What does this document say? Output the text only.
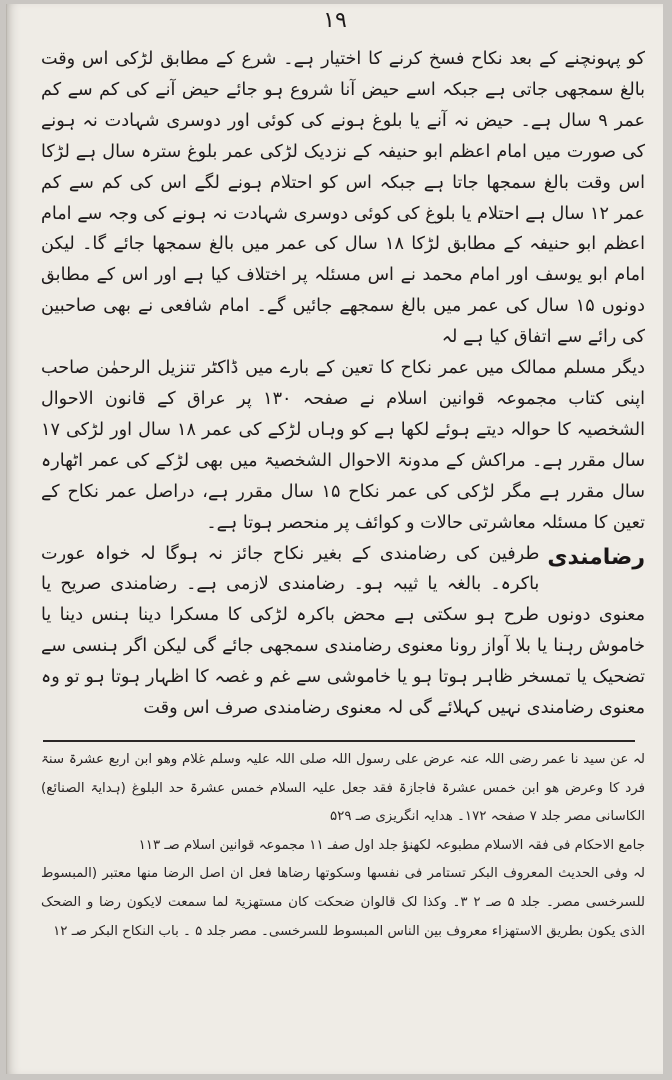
١٩

کو پہونچنے کے بعد نکاح فسخ کرنے کا اختیار ہے۔ شرع کے مطابق لڑکی اس وقت بالغ سمجھی جاتی ہے جبکہ اسے حیض آنا شروع ہو جائے حیض آنے کی کم سے کم عمر ۹ سال ہے۔ حیض نہ آنے یا بلوغ ہونے کی کوئی اور دوسری شہادت نہ ہونے کی صورت میں امام اعظم ابو حنیفہ کے نزدیک لڑکی عمر بلوغ سترہ سال ہے لڑکا اس وقت بالغ سمجھا جاتا ہے جبکہ اس کو احتلام ہونے لگے اس کی کم سے کم عمر ۱۲ سال ہے احتلام یا بلوغ کی کوئی دوسری شہادت نہ ہونے کی وجہ سے امام اعظم ابو حنیفہ کے مطابق لڑکا ۱۸ سال کی عمر میں بالغ سمجھا جائے گا۔ لیکن امام ابو یوسف اور امام محمد نے اس مسئلہ پر اختلاف کیا ہے اور اس کے مطابق دونوں ۱۵ سال کی عمر میں بالغ سمجھے جائیں گے۔ امام شافعی نے بھی صاحبین کی رائے سے اتفاق کیا ہے لہ

دیگر مسلم ممالک میں عمر نکاح کا تعین کے بارے میں ڈاکٹر تنزیل الرحمٰن صاحب اپنی کتاب مجموعہ قوانین اسلام نے صفحہ ۱۳۰ پر عراق کے قانون الاحوال الشخصیہ کا حوالہ دیتے ہوئے لکھا ہے کو وہاں لڑکے کی عمر ۱۸ سال اور لڑکی ۱۷ سال مقرر ہے۔ مراکش کے مدونۃ الاحوال الشخصیۃ میں بھی لڑکے کی عمر اٹھارہ سال مقرر ہے مگر لڑکی کی عمر نکاح ۱۵ سال مقرر ہے، دراصل عمر نکاح کے تعین کا مسئلہ معاشرتی حالات و کوائف پر منحصر ہوتا ہے۔

رضامندی

طرفین کی رضامندی کے بغیر نکاح جائز نہ ہوگا لہ خواہ عورت باکرہ۔ بالغہ یا ثیبہ ہو۔ رضامندی لازمی ہے۔ رضامندی صریح یا معنوی دونوں طرح ہو سکتی ہے محض باکرہ لڑکی کا مسکرا دینا ہنس دینا یا خاموش رہنا یا بلا آواز رونا معنوی رضامندی سمجھی جائے گی لیکن اگر ہنسی سے تضحیک یا تمسخر ظاہر ہوتا ہو یا خاموشی سے غم و غصہ کا اظہار ہوتا ہو تو وہ معنوی رضامندی نہیں کہلائے گی لہ معنوی رضامندی صرف اس وقت

لہ عن سید نا عمر رضی اللہ عنہ عرض علی رسول اللہ صلی اللہ علیہ وسلم غلام وھو ابن اربع عشرۃ سنۃ فرد کا وعرض ھو ابن خمس عشرۃ فاجازۃ فقد جعل علیہ السلام خمس عشرۃ حد البلوغ (ہدایۃ الصنائع) الکاسانی مصر جلد ۷ صفحہ ۱۷۲۔ ھدایہ انگریزی صـ ۵۲۹

جامع الاحکام فی فقہ الاسلام مطبوعہ لکھنؤ جلد اول صفـ ۱۱ مجموعہ قوانین اسلام صـ ۱۱۳

لہ وفی الحدیث المعروف البکر تستامر فی نفسھا وسکوتھا رضاھا فعل ان اصل الرضا منھا معتبر (المبسوط للسرخسی مصر۔ جلد ۵ صـ ۲ ۳۔ وکذا لک قالوان ضحکت کان مستھزیۃ لما سمعت لایکون رضا و الضحک الذی یکون بطریق الاستھزاء معروف بین الناس المبسوط للسرخسی۔ مصر جلد ۵ ۔ باب النکاح البکر صـ ۱۲
